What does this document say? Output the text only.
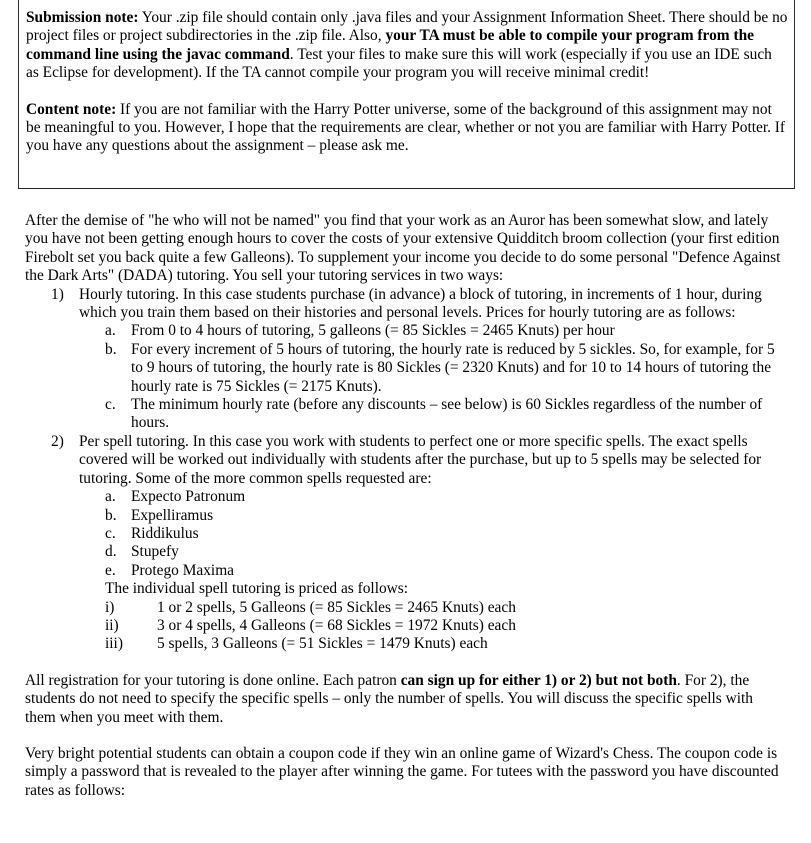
Submission note: Your .zip file should contain only .java files and your Assignment Information Sheet. There should be no project files or project subdirectories in the .zip file. Also, your TA must be able to compile your program from the command line using the javac command. Test your files to make sure this will work (especially if you use an IDE such as Eclipse for development). If the TA cannot compile your program you will receive minimal credit!

Content note: If you are not familiar with the Harry Potter universe, some of the background of this assignment may not be meaningful to you. However, I hope that the requirements are clear, whether or not you are familiar with Harry Potter. If you have any questions about the assignment – please ask me.

After the demise of "he who will not be named" you find that your work as an Auror has been somewhat slow, and lately you have not been getting enough hours to cover the costs of your extensive Quidditch broom collection (your first edition Firebolt set you back quite a few Galleons). To supplement your income you decide to do some personal "Defence Against the Dark Arts" (DADA) tutoring. You sell your tutoring services in two ways:

1) Hourly tutoring. In this case students purchase (in advance) a block of tutoring, in increments of 1 hour, during which you train them based on their histories and personal levels. Prices for hourly tutoring are as follows:
a. From 0 to 4 hours of tutoring, 5 galleons (= 85 Sickles = 2465 Knuts) per hour
b. For every increment of 5 hours of tutoring, the hourly rate is reduced by 5 sickles. So, for example, for 5 to 9 hours of tutoring, the hourly rate is 80 Sickles (= 2320 Knuts) and for 10 to 14 hours of tutoring the hourly rate is 75 Sickles (= 2175 Knuts).
c. The minimum hourly rate (before any discounts – see below) is 60 Sickles regardless of the number of hours.
2) Per spell tutoring. In this case you work with students to perfect one or more specific spells. The exact spells covered will be worked out individually with students after the purchase, but up to 5 spells may be selected for tutoring. Some of the more common spells requested are:
a. Expecto Patronum
b. Expelliramus
c. Riddikulus
d. Stupefy
e. Protego Maxima
The individual spell tutoring is priced as follows:
i)	1 or 2 spells, 5 Galleons (= 85 Sickles = 2465 Knuts) each
ii) 3 or 4 spells, 4 Galleons (= 68 Sickles = 1972 Knuts) each
iii) 5 spells, 3 Galleons (= 51 Sickles = 1479 Knuts) each

All registration for your tutoring is done online. Each patron can sign up for either 1) or 2) but not both. For 2), the students do not need to specify the specific spells – only the number of spells. You will discuss the specific spells with them when you meet with them.

Very bright potential students can obtain a coupon code if they win an online game of Wizard's Chess. The coupon code is simply a password that is revealed to the player after winning the game. For tutees with the password you have discounted rates as follows:
